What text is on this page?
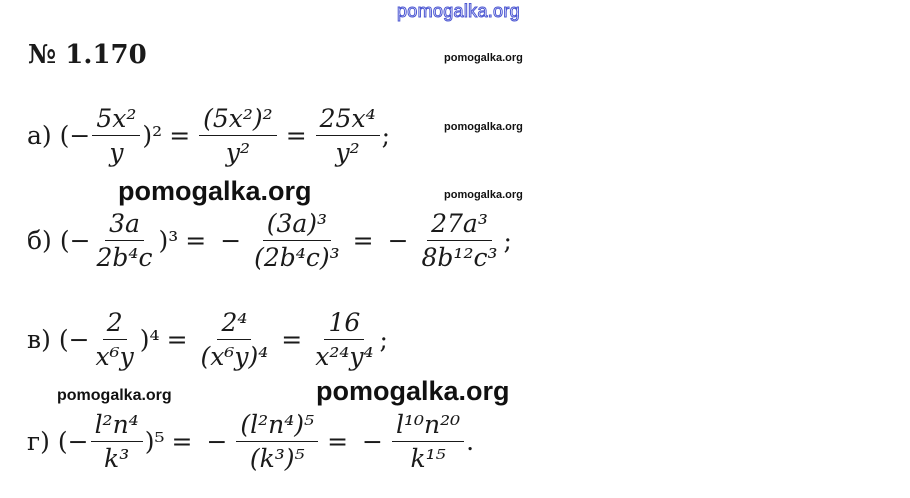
pomogalka.org
pomogalka.org
pomogalka.org
pomogalka.org
pomogalka.org
pomogalka.org	pomogalka.org
№ 1.170
а) (− $\frac{\text{5x²}}{y} )^2 = \frac{\text{(5x²)²}}{\text{y²}} = \frac{\text{25x⁴}}{\text{y²}}$ ;
б) (− $\frac{3a}{\text{2b⁴c}} )^3$ = − $\frac{\text{(3a)³}}{\text{(2b⁴c)³}}$ = − $\frac{\text{27a³}}{\text{8b¹²c³}}$ ;
в) (− $\frac{2}{\text{x⁶y}} )^4 = \frac{\text{2⁴}}{\text{(x⁶y)⁴}} = \frac{16}{\text{x²⁴y⁴}}$ ;
г) (− $\frac{\text{l²n⁴}}{\text{k³}} )^5$ = − $\frac{\text{(l²n⁴)⁵}}{\text{(k³)⁵}}$ = − $\frac{\text{l¹⁰n²⁰}}{\text{k¹⁵}}$ .
